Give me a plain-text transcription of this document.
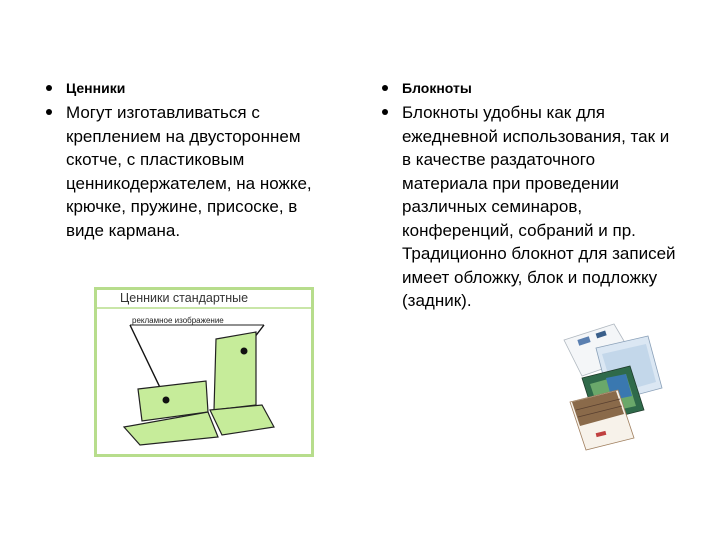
Ценники
Могут изготавливаться с креплением на двустороннем скотче, с пластиковым ценникодержателем, на ножке, крючке, пружине, присоске, в виде кармана.
Блокноты
Блокноты удобны как для ежедневной использования, так и в качестве раздаточного материала при проведении различных семинаров, конференций, собраний и пр. Традиционно блокнот для записей имеет обложку, блок и подложку (задник).
Ценники стандартные
рекламное изображение
